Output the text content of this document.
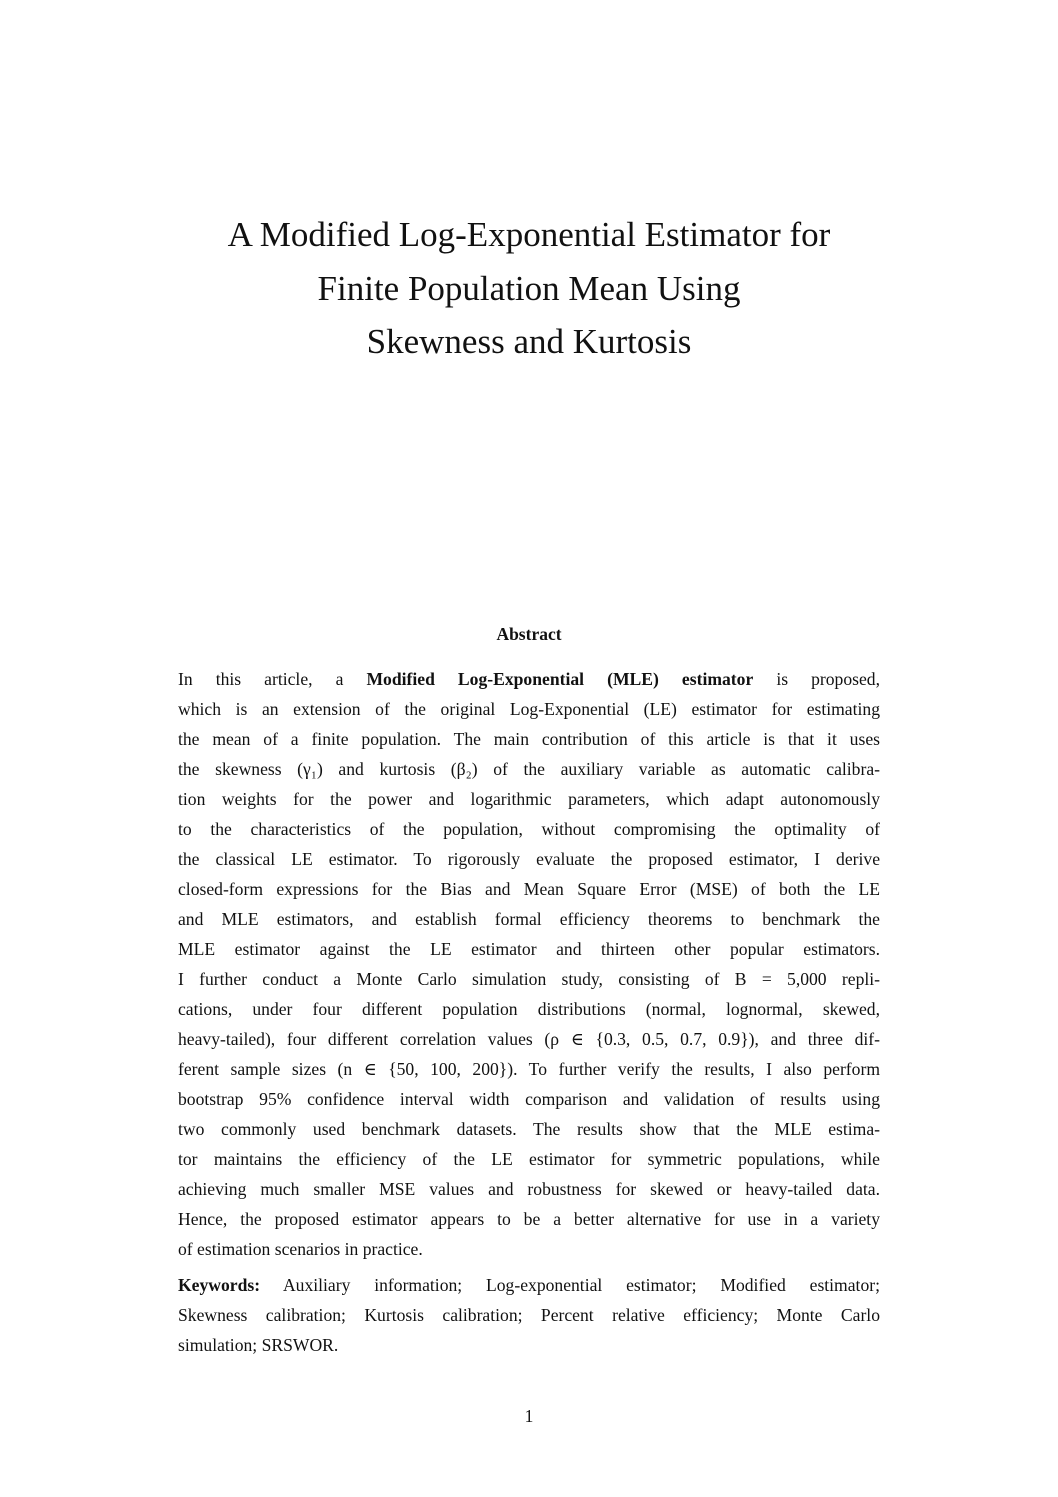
A Modified Log-Exponential Estimator for
Finite Population Mean Using
Skewness and Kurtosis
Abstract
In this article, a Modified Log-Exponential (MLE) estimator is proposed,
which is an extension of the original Log-Exponential (LE) estimator for estimating
the mean of a finite population. The main contribution of this article is that it uses
the skewness (γ₁) and kurtosis (β₂) of the auxiliary variable as automatic calibra-
tion weights for the power and logarithmic parameters, which adapt autonomously
to the characteristics of the population, without compromising the optimality of
the classical LE estimator. To rigorously evaluate the proposed estimator, I derive
closed-form expressions for the Bias and Mean Square Error (MSE) of both the LE
and MLE estimators, and establish formal efficiency theorems to benchmark the
MLE estimator against the LE estimator and thirteen other popular estimators.
I further conduct a Monte Carlo simulation study, consisting of B = 5,000 repli-
cations, under four different population distributions (normal, lognormal, skewed,
heavy-tailed), four different correlation values (ρ ∈ {0.3, 0.5, 0.7, 0.9}), and three dif-
ferent sample sizes (n ∈ {50, 100, 200}). To further verify the results, I also perform
bootstrap 95% confidence interval width comparison and validation of results using
two commonly used benchmark datasets. The results show that the MLE estima-
tor maintains the efficiency of the LE estimator for symmetric populations, while
achieving much smaller MSE values and robustness for skewed or heavy-tailed data.
Hence, the proposed estimator appears to be a better alternative for use in a variety
of estimation scenarios in practice.
Keywords: Auxiliary information; Log-exponential estimator; Modified estimator;
Skewness calibration; Kurtosis calibration; Percent relative efficiency; Monte Carlo
simulation; SRSWOR.
1
